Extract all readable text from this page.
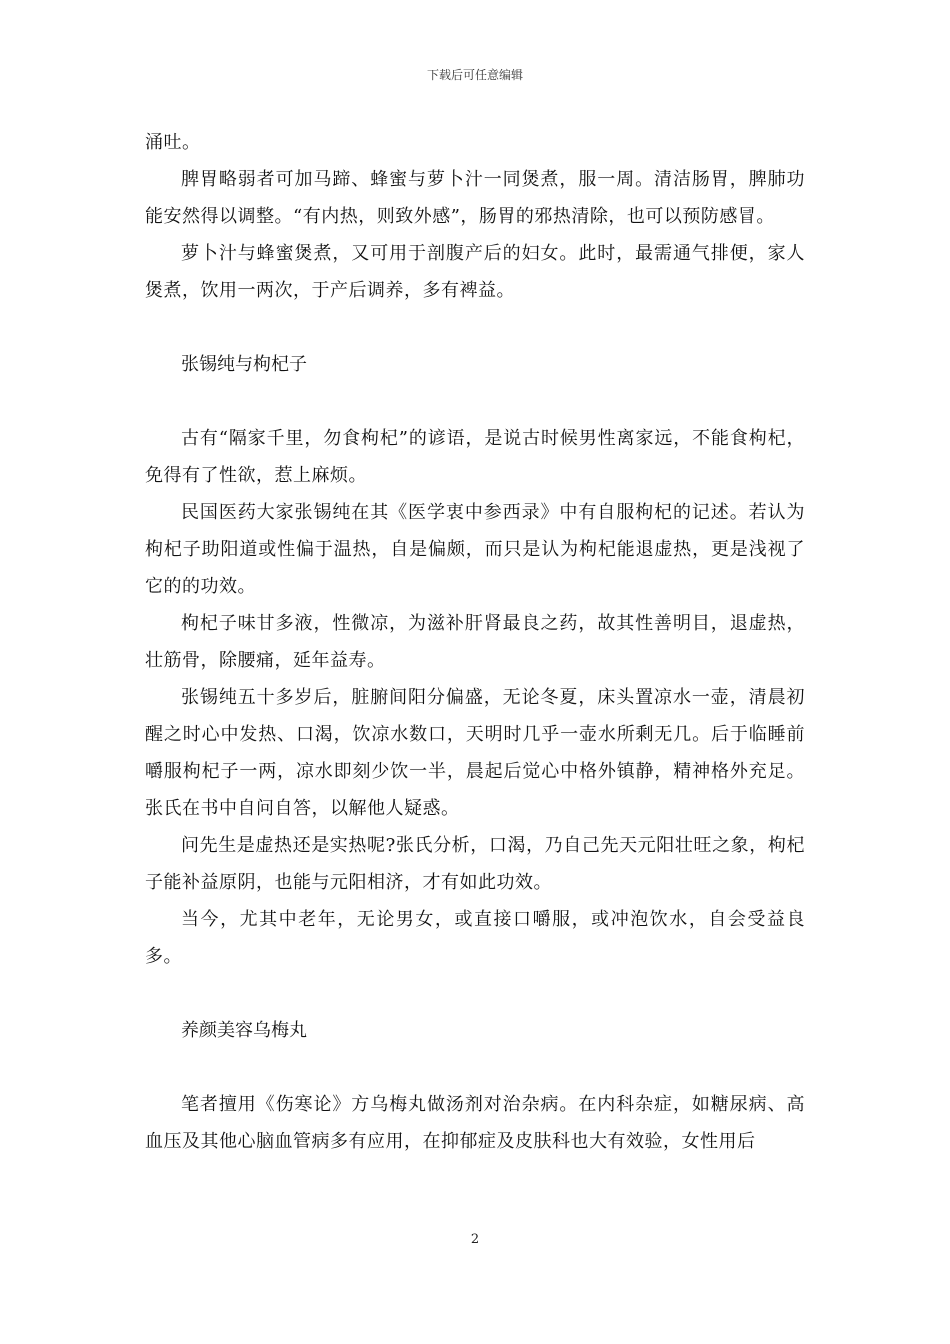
下载后可任意编辑

涌吐。

脾胃略弱者可加马蹄、蜂蜜与萝卜汁一同煲煮，服一周。清洁肠胃，脾肺功能安然得以调整。“有内热，则致外感”，肠胃的邪热清除，也可以预防感冒。

萝卜汁与蜂蜜煲煮，又可用于剖腹产后的妇女。此时，最需通气排便，家人煲煮，饮用一两次，于产后调养，多有裨益。

张锡纯与枸杞子

古有“隔家千里，勿食枸杞”的谚语，是说古时候男性离家远，不能食枸杞，免得有了性欲，惹上麻烦。

民国医药大家张锡纯在其《医学衷中参西录》中有自服枸杞的记述。若认为枸杞子助阳道或性偏于温热，自是偏颇，而只是认为枸杞能退虚热，更是浅视了它的的功效。

枸杞子味甘多液，性微凉，为滋补肝肾最良之药，故其性善明目，退虚热，壮筋骨，除腰痛，延年益寿。

张锡纯五十多岁后，脏腑间阳分偏盛，无论冬夏，床头置凉水一壶，清晨初醒之时心中发热、口渴，饮凉水数口，天明时几乎一壶水所剩无几。后于临睡前嚼服枸杞子一两，凉水即刻少饮一半，晨起后觉心中格外镇静，精神格外充足。张氏在书中自问自答，以解他人疑惑。

问先生是虚热还是实热呢?张氏分析，口渴，乃自己先天元阳壮旺之象，枸杞子能补益原阴，也能与元阳相济，才有如此功效。

当今，尤其中老年，无论男女，或直接口嚼服，或冲泡饮水，自会受益良多。

养颜美容乌梅丸

笔者擅用《伤寒论》方乌梅丸做汤剂对治杂病。在内科杂症，如糖尿病、高血压及其他心脑血管病多有应用，在抑郁症及皮肤科也大有效验，女性用后

2
